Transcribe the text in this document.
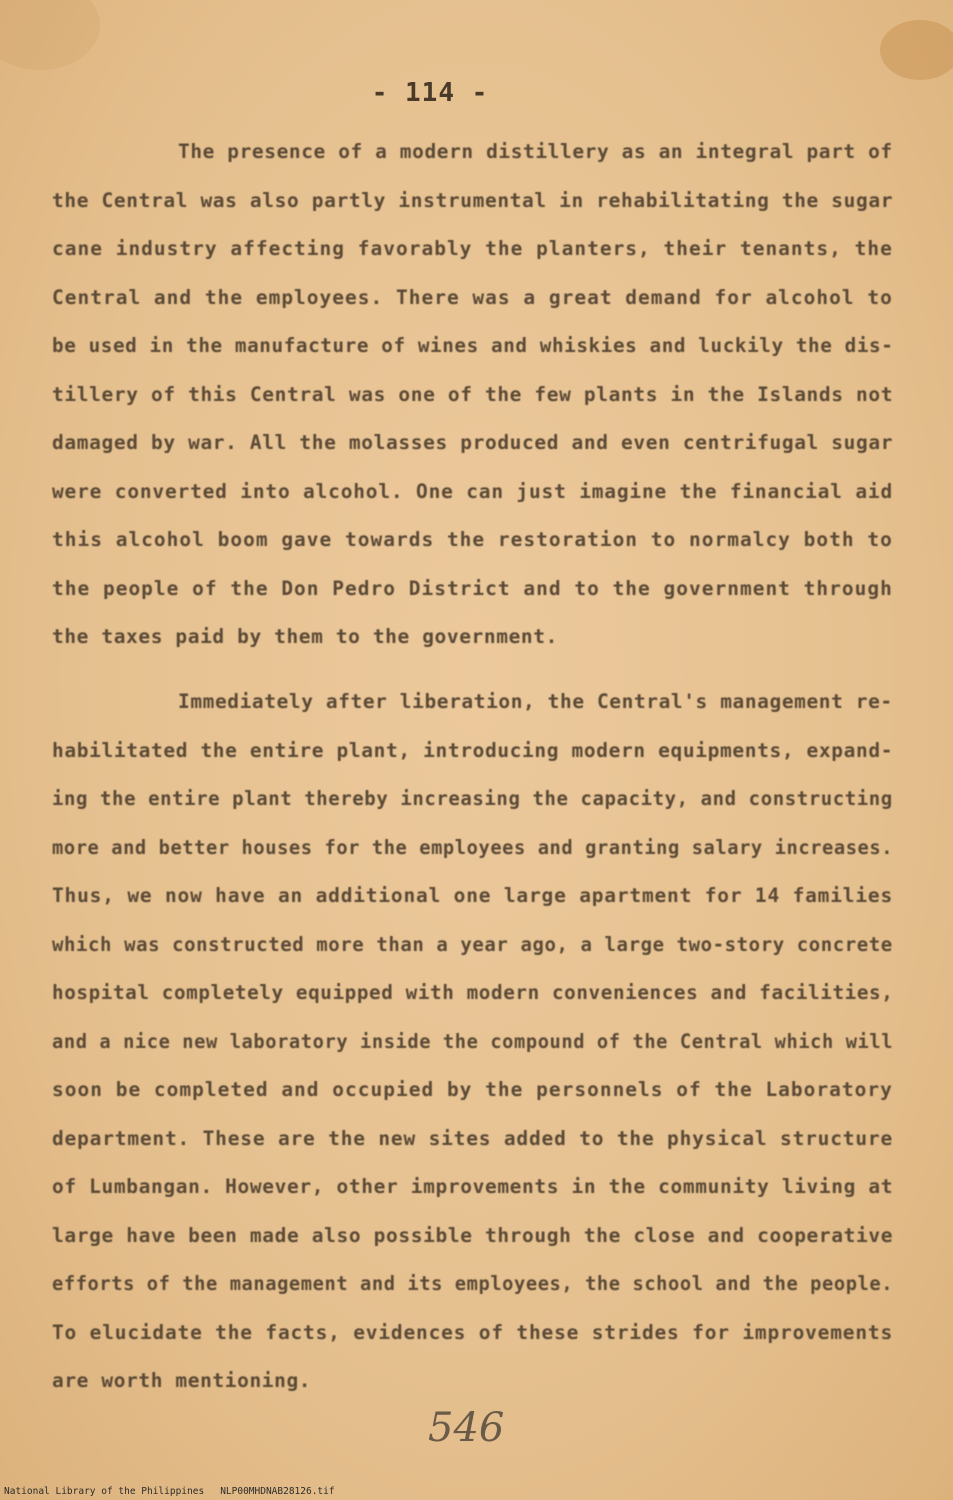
- 114 -
The presence of a modern distillery as an integral part of
the Central was also partly instrumental in rehabilitating the sugar
cane industry affecting favorably the planters, their tenants, the
Central and the employees. There was a great demand for alcohol to
be used in the manufacture of wines and whiskies and luckily the dis-
tillery of this Central was one of the few plants in the Islands not
damaged by war. All the molasses produced and even centrifugal sugar
were converted into alcohol. One can just imagine the financial aid
this alcohol boom gave towards the restoration to normalcy both to
the people of the Don Pedro District and to the government through
the taxes paid by them to the government.
Immediately after liberation, the Central's management re-
habilitated the entire plant, introducing modern equipments, expand-
ing the entire plant thereby increasing the capacity, and constructing
more and better houses for the employees and granting salary increases.
Thus, we now have an additional one large apartment for 14 families
which was constructed more than a year ago, a large two-story concrete
hospital completely equipped with modern conveniences and facilities,
and a nice new laboratory inside the compound of the Central which will
soon be completed and occupied by the personnels of the Laboratory
department. These are the new sites added to the physical structure
of Lumbangan. However, other improvements in the community living at
large have been made also possible through the close and cooperative
efforts of the management and its employees, the school and the people.
To elucidate the facts, evidences of these strides for improvements
are worth mentioning.
546
National Library of the Philippines NLP00MHDNAB28126.tif
